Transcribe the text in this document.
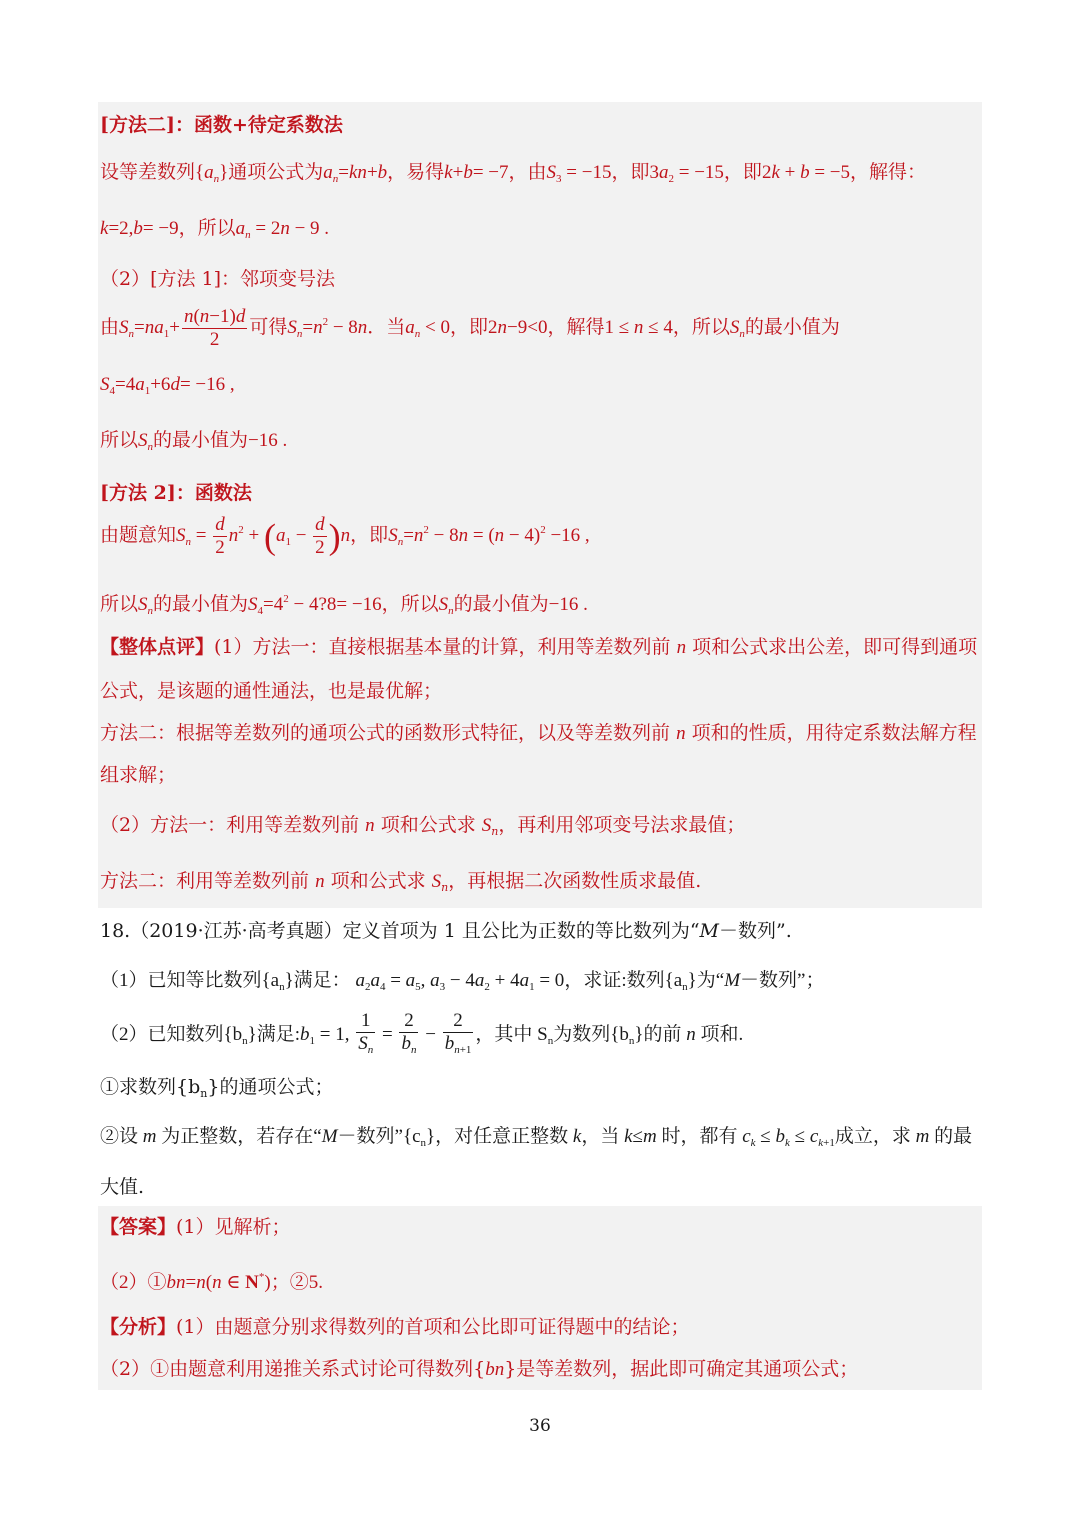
[方法二]：函数+待定系数法
设等差数列$\{a_n\}$通项公式为$a_n=kn+b$，易得k+b= −7，由$S_3 = -15$，即$3a_2 = -15$，即2k + b = −5，解得：
k=2,b= −9，所以$a_n = 2n - 9$ .
（2）[方法 1]：邻项变号法
由$S_n=na_1+ \frac{n(n-1)d}{2}$ 可得$S_n=n^2 - 8n$．当$a_n < 0$，即2n−9<0，解得1 ≤ n ≤ 4，所以$S_n$的最小值为
$S_4=4a_1+6d= -16$ ,
所以$S_n$的最小值为−16 .
[方法 2]：函数法
由题意知$S_n = \frac{d}{2} n^2 + (a_1 - \frac{d}{2} )n$，即$S_n=n^2 - 8n = (n - 4)^2 -16$ ,
所以$S_n$的最小值为$S_4=4^2$ − 4?8= −16，所以$S_n$的最小值为−16 .
【整体点评】(1）方法一：直接根据基本量的计算，利用等差数列前 n 项和公式求出公差，即可得到通项
公式，是该题的通性通法，也是最优解；
方法二：根据等差数列的通项公式的函数形式特征，以及等差数列前 n 项和的性质，用待定系数法解方程
组求解；
（2）方法一：利用等差数列前 n 项和公式求 $S_n$，再利用邻项变号法求最值；
方法二：利用等差数列前 n 项和公式求 $S_n$，再根据二次函数性质求最值.
18.（2019·江苏·高考真题）定义首项为 1 且公比为正数的等比数列为“M－数列”.
（1）已知等比数列$\{a_n\}$满足： $a_2a_4 = a_5$, $a_3 - 4a_2 + 4a_1 = 0$，求证:数列$\{a_n\}$为“M－数列”；
（2）已知数列$\{b_n\}$满足$:b_1 = 1$, $\frac{1}{S_n} = \frac{2}{b_n} - \frac{2}{b_{n+1}}$ ，其中 $S_n$为数列$\{b_n\}$的前 n 项和.
①求数列$\{b_n\}$的通项公式；
②设 m 为正整数，若存在“M－数列$”\{c_n\}$，对任意正整数 k，当 k≤m 时，都有 $c_k \le b_k \le c_{k+1}$成立，求 m 的最
大值.
【答案】(1）见解析；
（2）①bn=n(n ∈ N*)；②5.
【分析】(1）由题意分别求得数列的首项和公比即可证得题中的结论；
（2）①由题意利用递推关系式讨论可得数列{bn}是等差数列，据此即可确定其通项公式；
36
